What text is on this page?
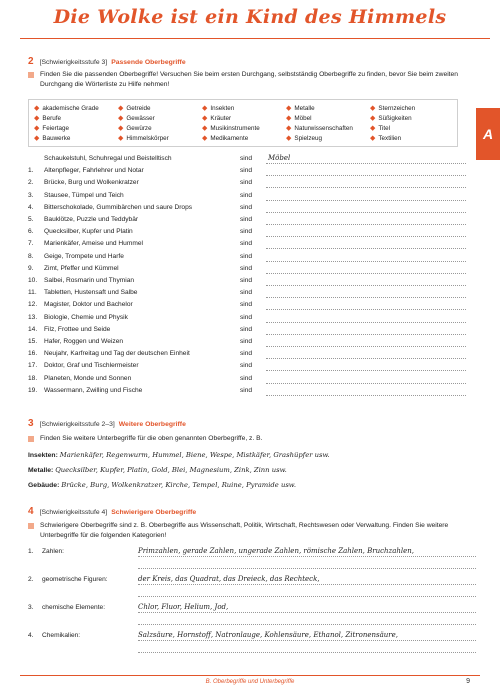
Die Wolke ist ein Kind des Himmels
A
2 [Schwierigkeitsstufe 3] Passende Oberbegriffe
Finden Sie die passenden Oberbegriffe! Versuchen Sie beim ersten Durchgang, selbstständig Oberbegriffe zu finden, bevor Sie beim zweiten Durchgang die Wörterliste zu Hilfe nehmen!
◆ akademische Grade
◆ Berufe
◆ Feiertage
◆ Bauwerke
◆ Getreide
◆ Gewässer
◆ Gewürze
◆ Himmelskörper
◆ Insekten
◆ Kräuter
◆ Musikinstrumente
◆ Medikamente
◆ Metalle
◆ Möbel
◆ Naturwissenschaften
◆ Spielzeug
◆ Sternzeichen
◆ Süßigkeiten
◆ Titel
◆ Textilien
Schaukelstuhl, Schuhregal und Beistelltisch	sind Möbel
1.	Altenpfleger, Fahrlehrer und Notar	sind
2.	Brücke, Burg und Wolkenkratzer	sind
3.	Stausee, Tümpel und Teich	sind
4.	Bitterschokolade, Gummibärchen und saure Drops	sind
5.	Bauklötze, Puzzle und Teddybär	sind
6.	Quecksilber, Kupfer und Platin	sind
7.	Marienkäfer, Ameise und Hummel	sind
8.	Geige, Trompete und Harfe	sind
9.	Zimt, Pfeffer und Kümmel	sind
10.	Salbei, Rosmarin und Thymian	sind
11.	Tabletten, Hustensaft und Salbe	sind
12.	Magister, Doktor und Bachelor	sind
13.	Biologie, Chemie und Physik	sind
14.	Filz, Frottee und Seide	sind
15.	Hafer, Roggen und Weizen	sind
16.	Neujahr, Karfreitag und Tag der deutschen Einheit	sind
17.	Doktor, Graf und Tischlermeister	sind
18.	Planeten, Monde und Sonnen	sind
19.	Wassermann, Zwilling und Fische	sind
3 [Schwierigkeitsstufe 2–3] Weitere Oberbegriffe
Finden Sie weitere Unterbegriffe für die oben genannten Oberbegriffe, z. B.
Insekten: Marienkäfer, Regenwurm, Hummel, Biene, Wespe, Mistkäfer, Grashüpfer usw.
Metalle: Quecksilber, Kupfer, Platin, Gold, Blei, Magnesium, Zink, Zinn usw.
Gebäude: Brücke, Burg, Wolkenkratzer, Kirche, Tempel, Ruine, Pyramide usw.
4 [Schwierigkeitsstufe 4] Schwierigere Oberbegriffe
Schwierigere Oberbegriffe sind z. B. Oberbegriffe aus Wissenschaft, Politik, Wirtschaft, Rechtswesen oder Verwaltung. Finden Sie weitere Unterbegriffe für die folgenden Kategorien!
1. Zahlen:	Primzahlen, gerade Zahlen, ungerade Zahlen, römische Zahlen, Bruchzahlen,
2. geometrische Figuren:	der Kreis, das Quadrat, das Dreieck, das Rechteck,
3. chemische Elemente:	Chlor, Fluor, Helium, Jod,
4. Chemikalien:	Salzsäure, Hornstoff, Natronlauge, Kohlensäure, Ethanol, Zitronensäure,
B. Oberbegriffe und Unterbegriffe	9
